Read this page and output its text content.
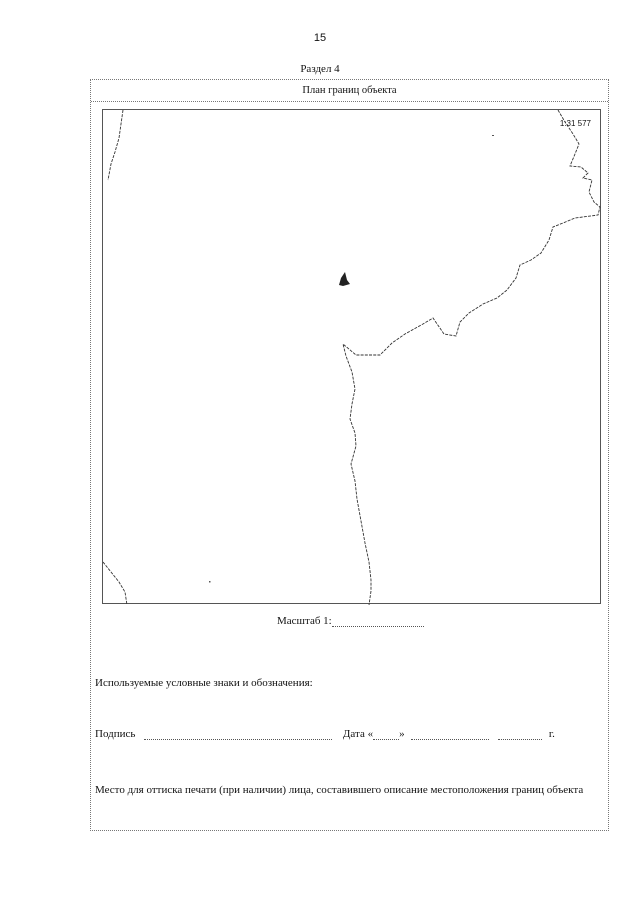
15
Раздел 4
План границ объекта
1:31 577
Масштаб 1:
Используемые условные знаки и обозначения:
Подпись	Дата « »	г.
Место для оттиска печати (при наличии) лица, составившего описание местоположения границ объекта
